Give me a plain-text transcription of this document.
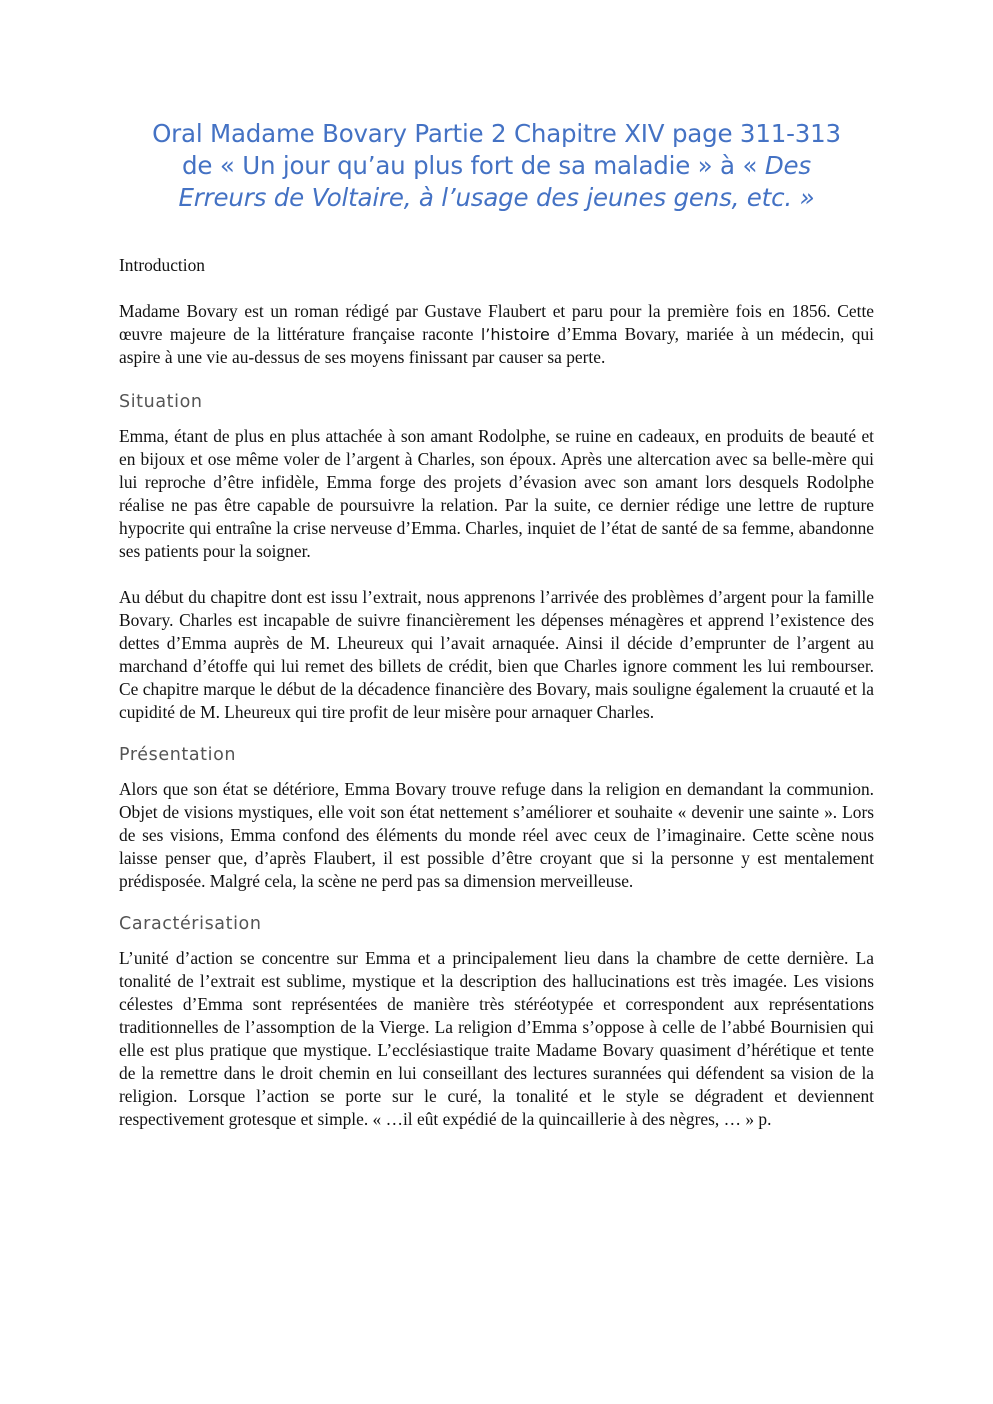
Oral Madame Bovary Partie 2 Chapitre XIV page 311-313
de « Un jour qu’au plus fort de sa maladie » à « Des
Erreurs de Voltaire, à l’usage des jeunes gens, etc. »
Introduction

Madame Bovary est un roman rédigé par Gustave Flaubert et paru pour la première fois en 1856. Cette œuvre majeure de la littérature française raconte l’histoire d’Emma Bovary, mariée à un médecin, qui aspire à une vie au-dessus de ses moyens finissant par causer sa perte.

Situation

Emma, étant de plus en plus attachée à son amant Rodolphe, se ruine en cadeaux, en produits de beauté et en bijoux et ose même voler de l’argent à Charles, son époux. Après une altercation avec sa belle-mère qui lui reproche d’être infidèle, Emma forge des projets d’évasion avec son amant lors desquels Rodolphe réalise ne pas être capable de poursuivre la relation. Par la suite, ce dernier rédige une lettre de rupture hypocrite qui entraîne la crise nerveuse d’Emma. Charles, inquiet de l’état de santé de sa femme, abandonne ses patients pour la soigner.

Au début du chapitre dont est issu l’extrait, nous apprenons l’arrivée des problèmes d’argent pour la famille Bovary. Charles est incapable de suivre financièrement les dépenses ménagères et apprend l’existence des dettes d’Emma auprès de M. Lheureux qui l’avait arnaquée. Ainsi il décide d’emprunter de l’argent au marchand d’étoffe qui lui remet des billets de crédit, bien que Charles ignore comment les lui rembourser. Ce chapitre marque le début de la décadence financière des Bovary, mais souligne également la cruauté et la cupidité de M. Lheureux qui tire profit de leur misère pour arnaquer Charles.

Présentation

Alors que son état se détériore, Emma Bovary trouve refuge dans la religion en demandant la communion. Objet de visions mystiques, elle voit son état nettement s’améliorer et souhaite « devenir une sainte ». Lors de ses visions, Emma confond des éléments du monde réel avec ceux de l’imaginaire. Cette scène nous laisse penser que, d’après Flaubert, il est possible d’être croyant que si la personne y est mentalement prédisposée. Malgré cela, la scène ne perd pas sa dimension merveilleuse.

Caractérisation

L’unité d’action se concentre sur Emma et a principalement lieu dans la chambre de cette dernière. La tonalité de l’extrait est sublime, mystique et la description des hallucinations est très imagée. Les visions célestes d’Emma sont représentées de manière très stéréotypée et correspondent aux représentations traditionnelles de l’assomption de la Vierge. La religion d’Emma s’oppose à celle de l’abbé Bournisien qui elle est plus pratique que mystique. L’ecclésiastique traite Madame Bovary quasiment d’hérétique et tente de la remettre dans le droit chemin en lui conseillant des lectures surannées qui défendent sa vision de la religion. Lorsque l’action se porte sur le curé, la tonalité et le style se dégradent et deviennent respectivement grotesque et simple. « …il eût expédié de la quincaillerie à des nègres, … » p.
